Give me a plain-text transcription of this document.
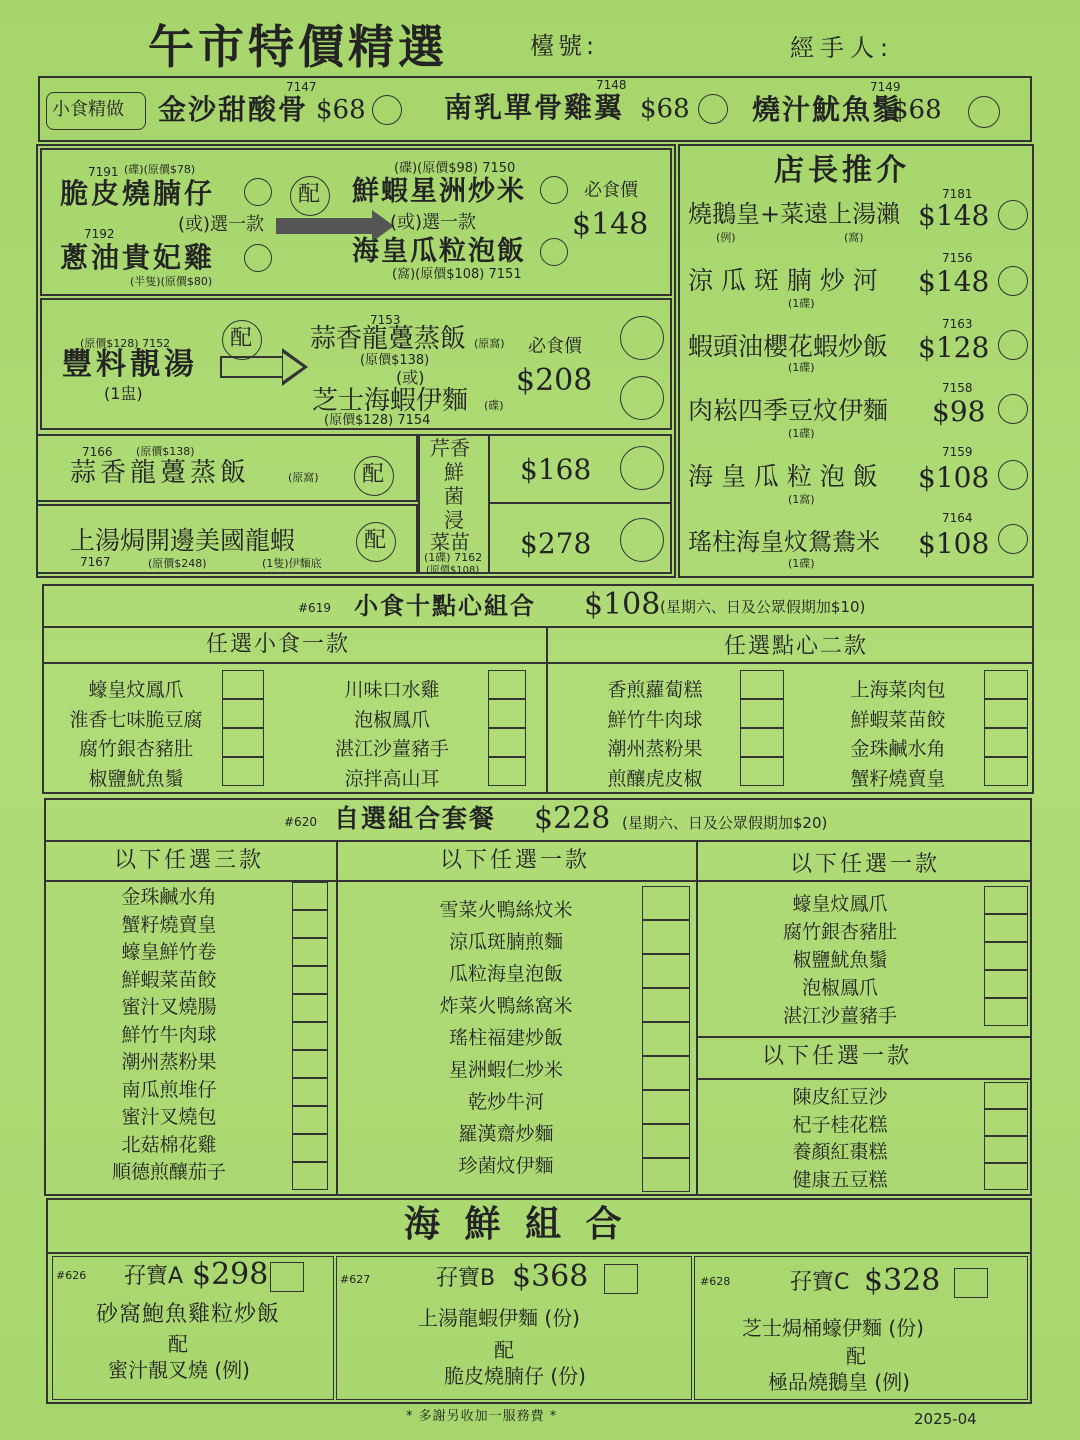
午市特價精選	檯號:	經手人:
小食精做
7147
金沙甜酸骨 $68
7148
南乳單骨雞翼 $68
7149
燒汁魷魚鬚
$68
7191 (碟)(原價$78)
脆皮燒腩仔
(或)選一款
7192
蔥油貴妃雞
(半隻)(原價$80)
配
(碟)(原價$98) 7150
鮮蝦星洲炒米
(或)選一款
海皇瓜粒泡飯
(窩)(原價$108) 7151
必食價
$148
(原價$128) 7152
豐料靚湯
(1盅)
配
7153
蒜香龍躉蒸飯 (原窩)
(原價$138)
(或)
芝士海蝦伊麵 (碟)
(原價$128) 7154
必食價
$208
7166 (原價$138)
蒜香龍躉蒸飯	(原窩) 配
上湯焗開邊美國龍蝦
7167	(原價$248)	(1隻)伊麵底
配
芹香
鮮
菌
浸
菜苗
(1碟) 7162
(原價$108)
$168
$278
店長推介
7181
燒鵝皇+菜遠上湯瀨
(例)	(窩)
$148
7156
涼 瓜 斑 腩 炒 河
(1碟)
$148
7163
蝦頭油櫻花蝦炒飯
(1碟)
$128
7158
肉崧四季豆炆伊麵
(1碟)
$98
7159
海 皇 瓜 粒 泡 飯
(1窩)
$108
7164
瑤柱海皇炆鴛鴦米
(1碟)
$108
#619 小食十點心組合 $108 (星期六、日及公眾假期加$10)
任選小食一款	任選點心二款
蠔皇炆鳳爪
淮香七味脆豆腐
腐竹銀杏豬肚
椒鹽魷魚鬚
川味口水雞
泡椒鳳爪
湛江沙薑豬手
涼拌高山耳
香煎蘿蔔糕
鮮竹牛肉球
潮州蒸粉果
煎釀虎皮椒
上海菜肉包
鮮蝦菜苗餃
金珠鹹水角
蟹籽燒賣皇
#620 自選組合套餐 $228 (星期六、日及公眾假期加$20)
以下任選三款	以下任選一款	以下任選一款
金珠鹹水角
蟹籽燒賣皇
蠔皇鮮竹卷
鮮蝦菜苗餃
蜜汁叉燒腸
鮮竹牛肉球
潮州蒸粉果
南瓜煎堆仔
蜜汁叉燒包
北菇棉花雞
順德煎釀茄子
雪菜火鴨絲炆米
涼瓜斑腩煎麵
瓜粒海皇泡飯
炸菜火鴨絲窩米
瑤柱福建炒飯
星洲蝦仁炒米
乾炒牛河
羅漢齋炒麵
珍菌炆伊麵
蠔皇炆鳳爪
腐竹銀杏豬肚
椒鹽魷魚鬚
泡椒鳳爪
湛江沙薑豬手
以下任選一款
陳皮紅豆沙
杞子桂花糕
養顏紅棗糕
健康五豆糕
海 鮮 組 合
#626 孖寶A $298
砂窩鮑魚雞粒炒飯
配
蜜汁靚叉燒 (例)
#627	孖寶B $368
上湯龍蝦伊麵 (份)
配
脆皮燒腩仔 (份)
#628	孖寶C $328
芝士焗桶蠔伊麵 (份)
配
極品燒鵝皇 (例)
* 多謝另收加一服務費 *	2025-04
